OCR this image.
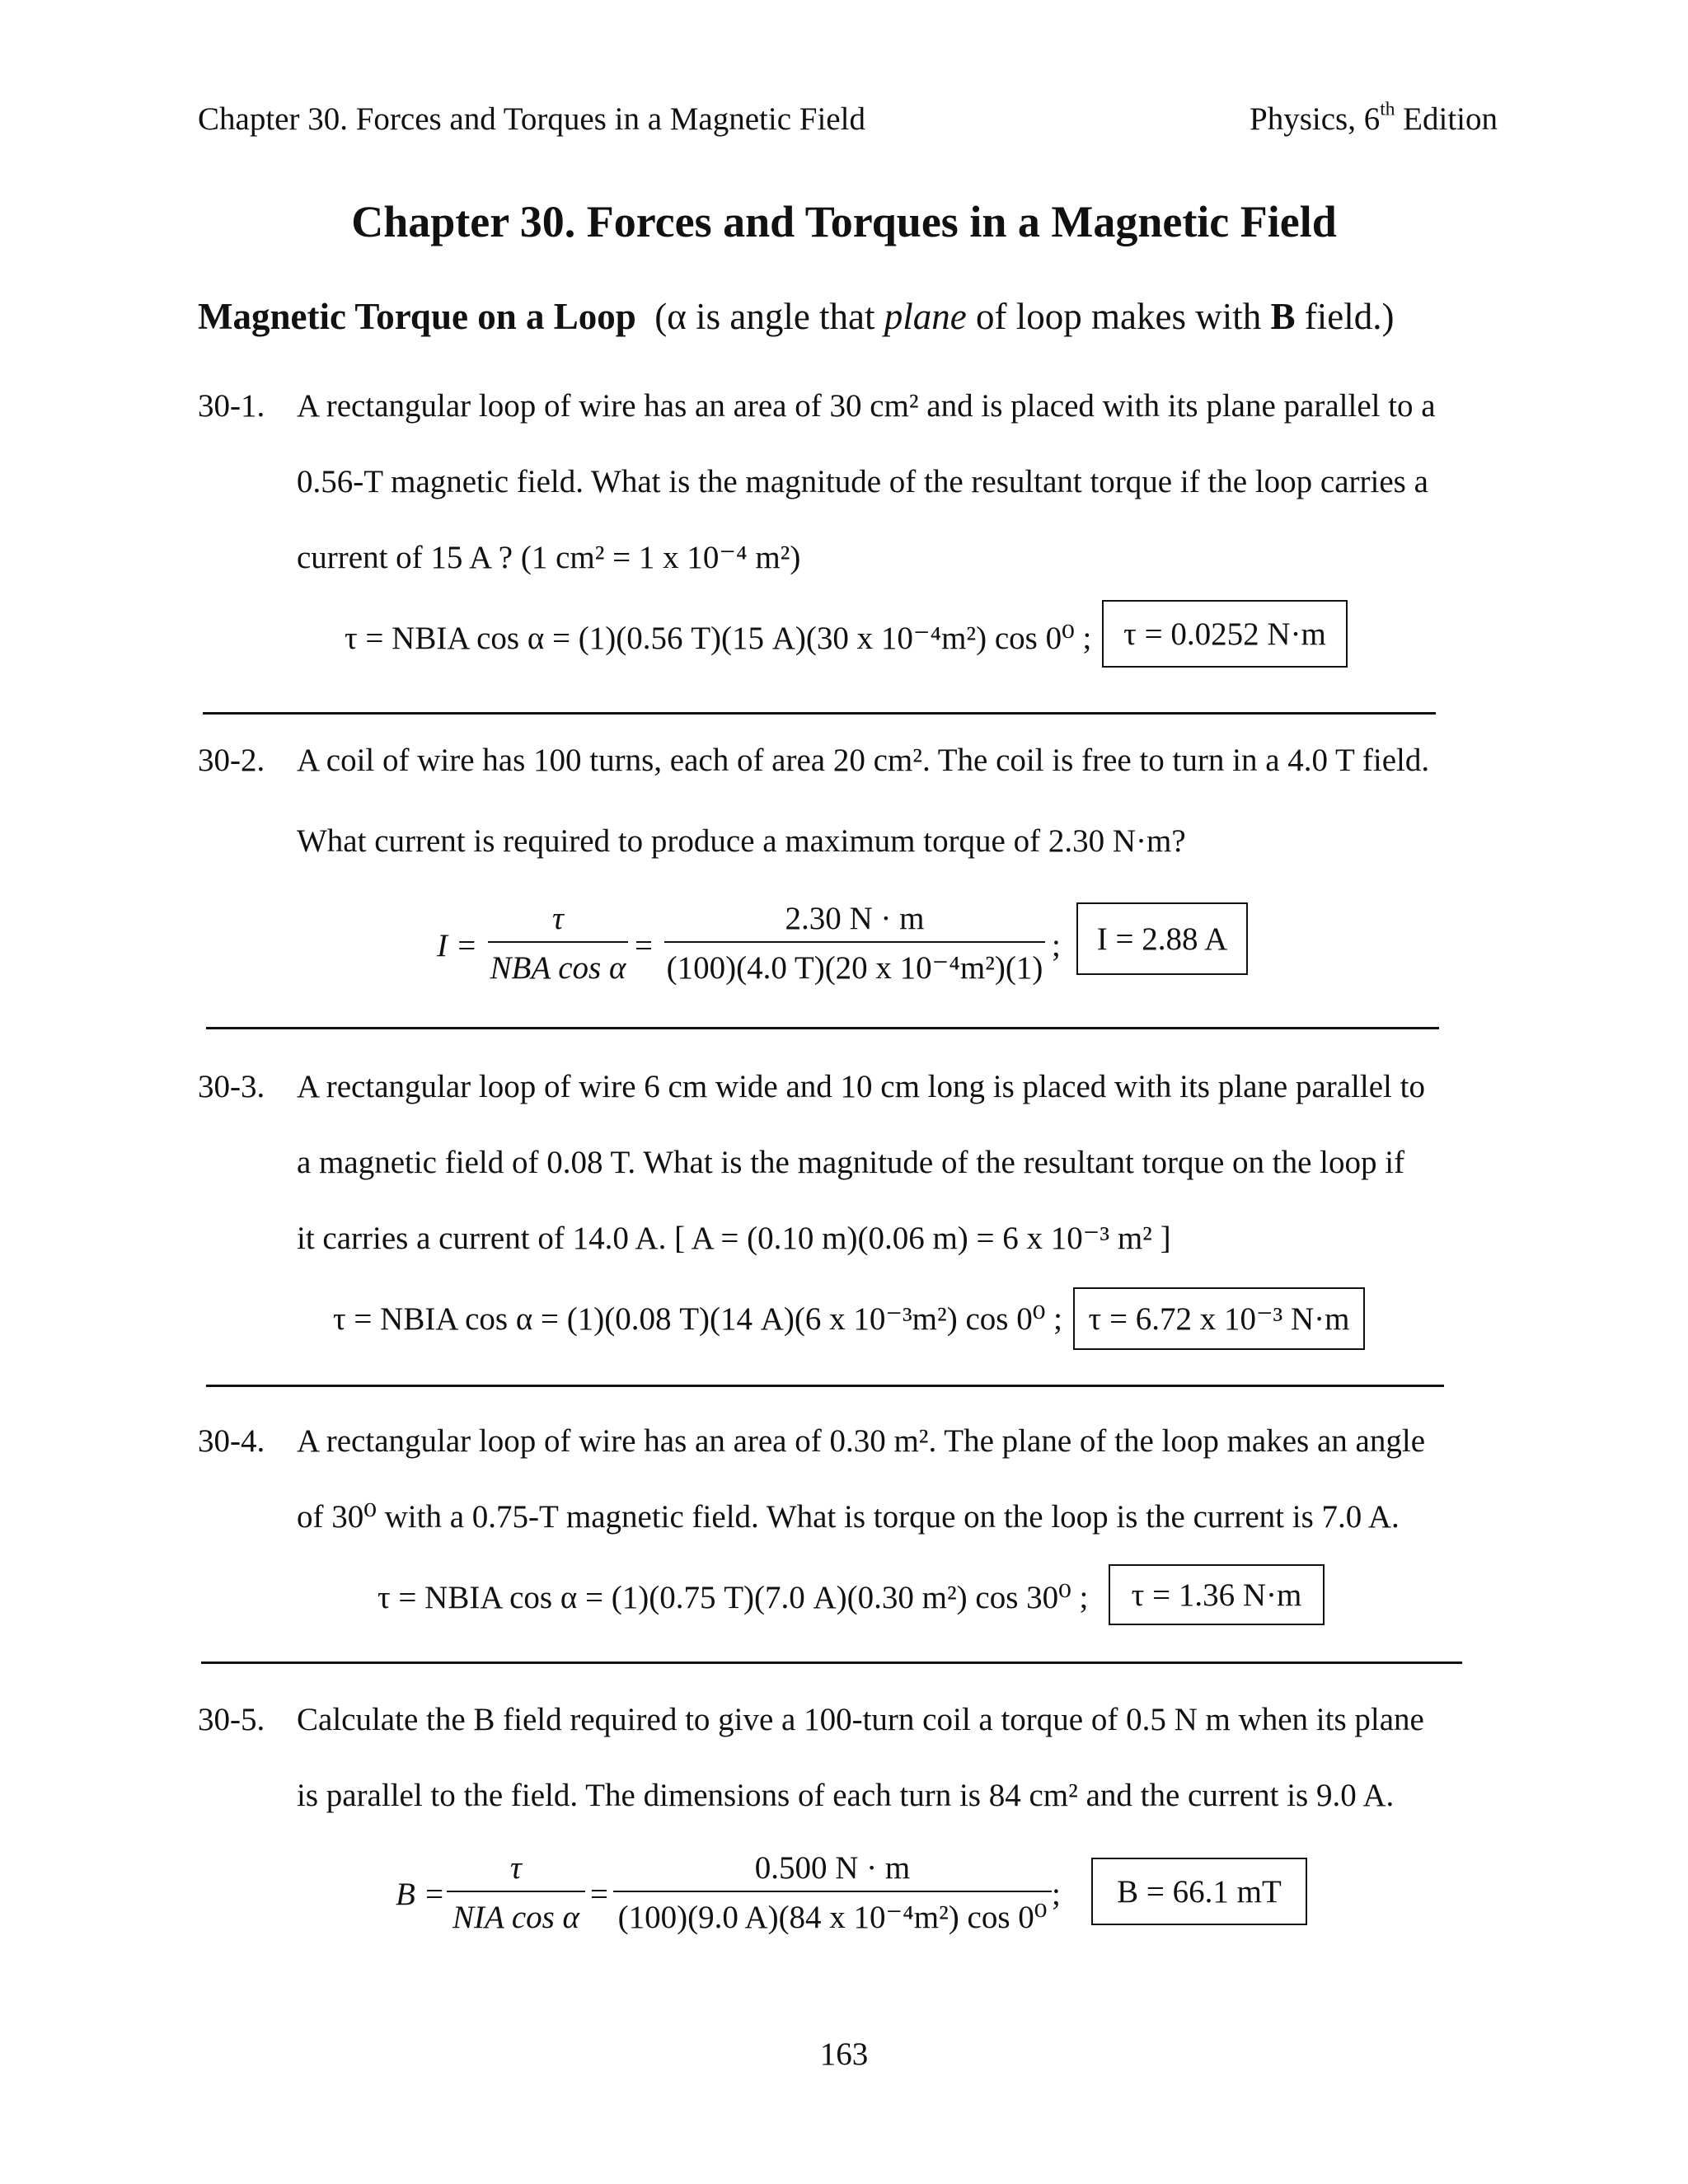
Chapter 30. Forces and Torques in a Magnetic Field	Physics, 6th Edition
Chapter 30. Forces and Torques in a Magnetic Field
Magnetic Torque on a Loop (α is angle that plane of loop makes with B field.)
30-1. A rectangular loop of wire has an area of 30 cm² and is placed with its plane parallel to a
0.56-T magnetic field. What is the magnitude of the resultant torque if the loop carries a
current of 15 A ? (1 cm² = 1 x 10⁻⁴ m²)
τ = NBIA cos α = (1)(0.56 T)(15 A)(30 x 10⁻⁴m²) cos 0⁰ ; τ = 0.0252 N·m
30-2. A coil of wire has 100 turns, each of area 20 cm². The coil is free to turn in a 4.0 T field.
What current is required to produce a maximum torque of 2.30 N·m?
I =
τ
NBA cos α
=
2.30 N · m
(100)(4.0 T)(20 x 10⁻⁴m²)(1)
; I = 2.88 A
30-3. A rectangular loop of wire 6 cm wide and 10 cm long is placed with its plane parallel to
a magnetic field of 0.08 T. What is the magnitude of the resultant torque on the loop if
it carries a current of 14.0 A. [ A = (0.10 m)(0.06 m) = 6 x 10⁻³ m² ]
τ = NBIA cos α = (1)(0.08 T)(14 A)(6 x 10⁻³m²) cos 0⁰ ; τ = 6.72 x 10⁻³ N·m
30-4. A rectangular loop of wire has an area of 0.30 m². The plane of the loop makes an angle
of 30⁰ with a 0.75-T magnetic field. What is torque on the loop is the current is 7.0 A.
τ = NBIA cos α = (1)(0.75 T)(7.0 A)(0.30 m²) cos 30⁰ ; τ = 1.36 N·m
30-5. Calculate the B field required to give a 100-turn coil a torque of 0.5 N m when its plane
is parallel to the field. The dimensions of each turn is 84 cm² and the current is 9.0 A.
B =
τ
NIA cos α
=
0.500 N · m
(100)(9.0 A)(84 x 10⁻⁴m²) cos 0⁰
; B = 66.1 mT
163
